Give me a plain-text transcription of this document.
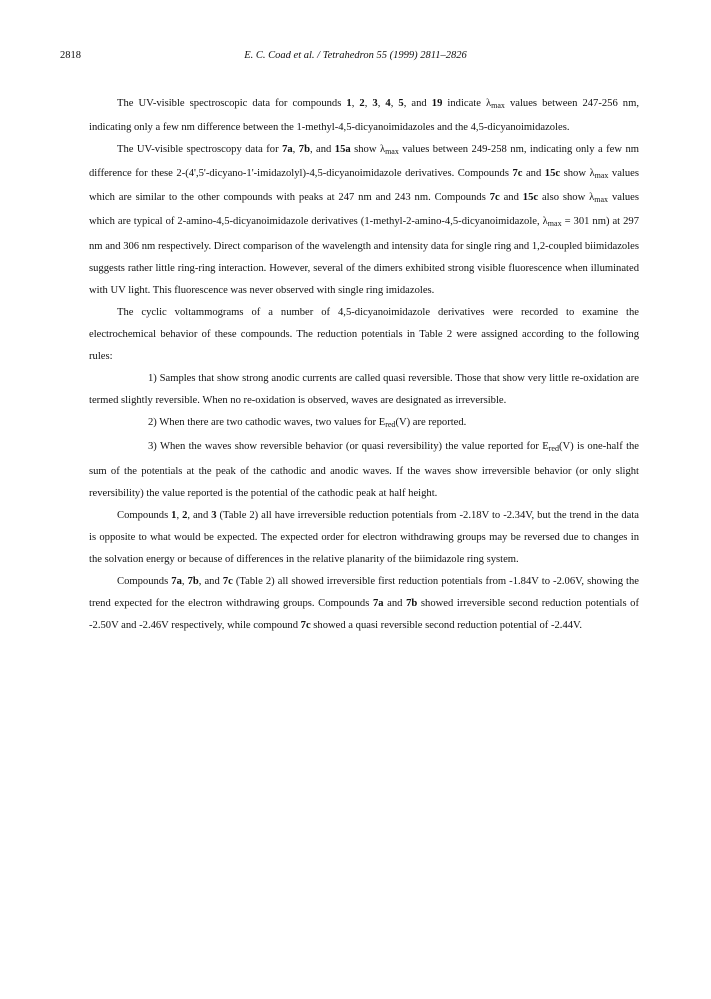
2818	E. C. Coad et al. / Tetrahedron 55 (1999) 2811–2826

The UV-visible spectroscopic data for compounds 1, 2, 3, 4, 5, and 19 indicate $\lambda_{max}$ values between 247-256 nm, indicating only a few nm difference between the 1-methyl-4,5-dicyanoimidazoles and the 4,5-dicyanoimidazoles.

The UV-visible spectroscopy data for 7a, 7b, and 15a show $\lambda_{max}$ values between 249-258 nm, indicating only a few nm difference for these 2-(4',5'-dicyano-1'-imidazolyl)-4,5-dicyanoimidazole derivatives. Compounds 7c and 15c show $\lambda_{max}$ values which are similar to the other compounds with peaks at 247 nm and 243 nm. Compounds 7c and 15c also show $\lambda_{max}$ values which are typical of 2-amino-4,5-dicyanoimidazole derivatives (1-methyl-2-amino-4,5-dicyanoimidazole, $\lambda_{max} = 301$ nm) at 297 nm and 306 nm respectively. Direct comparison of the wavelength and intensity data for single ring and 1,2-coupled biimidazoles suggests rather little ring-ring interaction. However, several of the dimers exhibited strong visible fluorescence when illuminated with UV light. This fluorescence was never observed with single ring imidazoles.

The cyclic voltammograms of a number of 4,5-dicyanoimidazole derivatives were recorded to examine the electrochemical behavior of these compounds. The reduction potentials in Table 2 were assigned according to the following rules:

1) Samples that show strong anodic currents are called quasi reversible. Those that show very little re-oxidation are termed slightly reversible. When no re-oxidation is observed, waves are designated as irreversible.

2) When there are two cathodic waves, two values for $E_{red}(V)$ are reported.

3) When the waves show reversible behavior (or quasi reversibility) the value reported for $E_{red}(V)$ is one-half the sum of the potentials at the peak of the cathodic and anodic waves. If the waves show irreversible behavior (or only slight reversibility) the value reported is the potential of the cathodic peak at half height.

Compounds 1, 2, and 3 (Table 2) all have irreversible reduction potentials from -2.18V to -2.34V, but the trend in the data is opposite to what would be expected. The expected order for electron withdrawing groups may be reversed due to changes in the solvation energy or because of differences in the relative planarity of the biimidazole ring system.

Compounds 7a, 7b, and 7c (Table 2) all showed irreversible first reduction potentials from -1.84V to -2.06V, showing the trend expected for the electron withdrawing groups. Compounds 7a and 7b showed irreversible second reduction potentials of -2.50V and -2.46V respectively, while compound 7c showed a quasi reversible second reduction potential of -2.44V.
